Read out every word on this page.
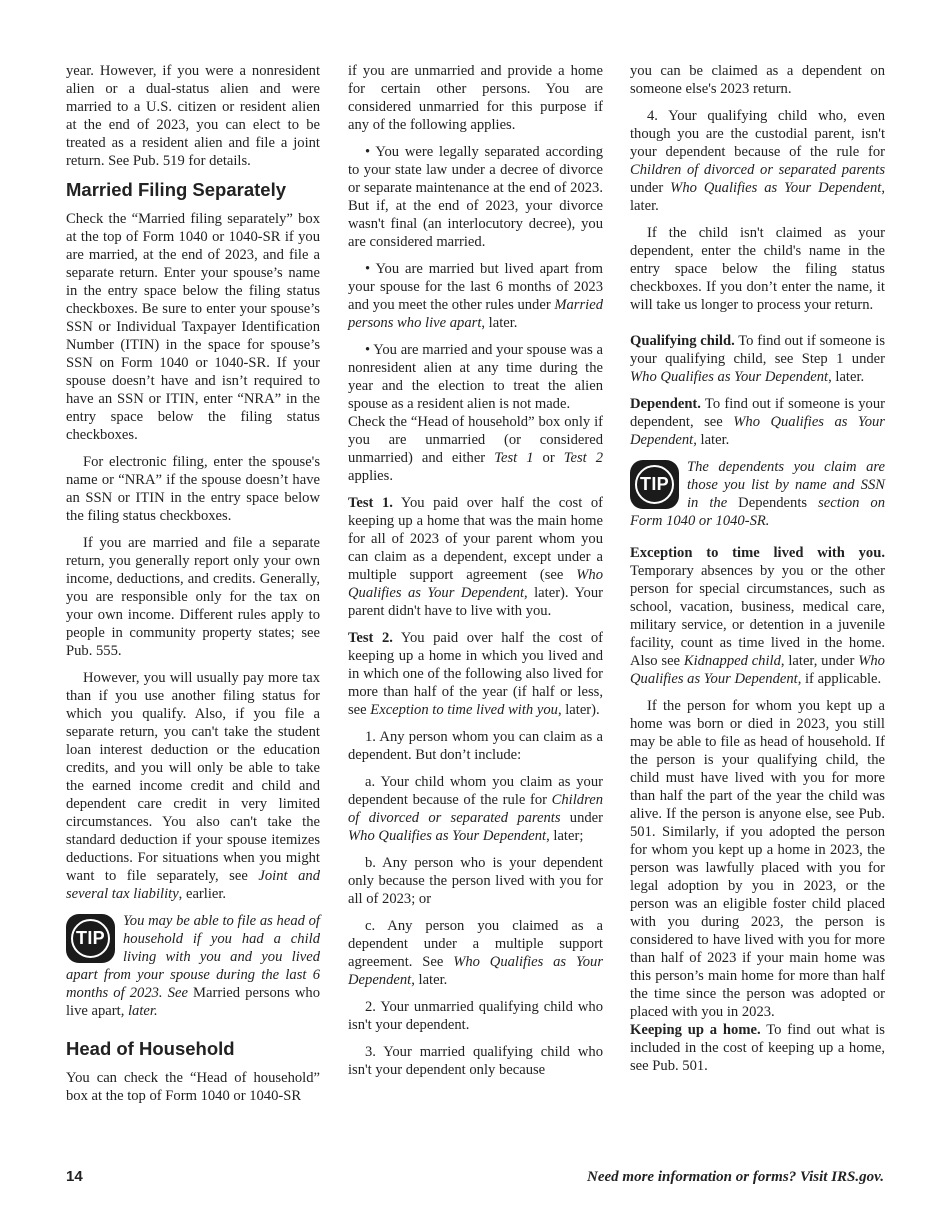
year. However, if you were a nonresident alien or a dual-status alien and were married to a U.S. citizen or resident alien at the end of 2023, you can elect to be treated as a resident alien and file a joint return. See Pub. 519 for details.

Married Filing Separately

Check the “Married filing separately” box at the top of Form 1040 or 1040-SR if you are married, at the end of 2023, and file a separate return. Enter your spouse’s name in the entry space below the filing status checkboxes. Be sure to enter your spouse’s SSN or Individual Taxpayer Identification Number (ITIN) in the space for spouse’s SSN on Form 1040 or 1040-SR. If your spouse doesn’t have and isn’t required to have an SSN or ITIN, enter “NRA” in the entry space below the filing status checkboxes.

For electronic filing, enter the spouse's name or “NRA” if the spouse doesn’t have an SSN or ITIN in the entry space below the filing status checkboxes.

If you are married and file a separate return, you generally report only your own income, deductions, and credits. Generally, you are responsible only for the tax on your own income. Different rules apply to people in community property states; see Pub. 555.

However, you will usually pay more tax than if you use another filing status for which you qualify. Also, if you file a separate return, you can't take the student loan interest deduction or the education credits, and you will only be able to take the earned income credit and child and dependent care credit in very limited circumstances. You also can't take the standard deduction if your spouse itemizes deductions. For situations when you might want to file separately, see Joint and several tax liability, earlier.

TIP
You may be able to file as head of household if you had a child living with you and you lived apart from your spouse during the last 6 months of 2023. See Married persons who live apart, later.
Head of Household

You can check the “Head of household” box at the top of Form 1040 or 1040-SR

if you are unmarried and provide a home for certain other persons. You are considered unmarried for this purpose if any of the following applies.

• You were legally separated according to your state law under a decree of divorce or separate maintenance at the end of 2023. But if, at the end of 2023, your divorce wasn't final (an interlocutory decree), you are considered married.

• You are married but lived apart from your spouse for the last 6 months of 2023 and you meet the other rules under Married persons who live apart, later.

• You are married and your spouse was a nonresident alien at any time during the year and the election to treat the alien spouse as a resident alien is not made.

Check the “Head of household” box only if you are unmarried (or considered unmarried) and either Test 1 or Test 2 applies.

Test 1. You paid over half the cost of keeping up a home that was the main home for all of 2023 of your parent whom you can claim as a dependent, except under a multiple support agreement (see Who Qualifies as Your Dependent, later). Your parent didn't have to live with you.

Test 2. You paid over half the cost of keeping up a home in which you lived and in which one of the following also lived for more than half of the year (if half or less, see Exception to time lived with you, later).

1. Any person whom you can claim as a dependent. But don’t include:

a. Your child whom you claim as your dependent because of the rule for Children of divorced or separated parents under Who Qualifies as Your Dependent, later;

b. Any person who is your dependent only because the person lived with you for all of 2023; or

c. Any person you claimed as a dependent under a multiple support agreement. See Who Qualifies as Your Dependent, later.

2. Your unmarried qualifying child who isn't your dependent.

3. Your married qualifying child who isn't your dependent only because

you can be claimed as a dependent on someone else's 2023 return.

4. Your qualifying child who, even though you are the custodial parent, isn't your dependent because of the rule for Children of divorced or separated parents under Who Qualifies as Your Dependent, later.

If the child isn't claimed as your dependent, enter the child's name in the entry space below the filing status checkboxes. If you don’t enter the name, it will take us longer to process your return.

Qualifying child. To find out if someone is your qualifying child, see Step 1 under Who Qualifies as Your Dependent, later.

Dependent. To find out if someone is your dependent, see Who Qualifies as Your Dependent, later.

TIP
The dependents you claim are those you list by name and SSN in the Dependents section on Form 1040 or 1040-SR.

Exception to time lived with you. Temporary absences by you or the other person for special circumstances, such as school, vacation, business, medical care, military service, or detention in a juvenile facility, count as time lived in the home. Also see Kidnapped child, later, under Who Qualifies as Your Dependent, if applicable.

If the person for whom you kept up a home was born or died in 2023, you still may be able to file as head of household. If the person is your qualifying child, the child must have lived with you for more than half the part of the year the child was alive. If the person is anyone else, see Pub. 501. Similarly, if you adopted the person for whom you kept up a home in 2023, the person was lawfully placed with you for legal adoption by you in 2023, or the person was an eligible foster child placed with you during 2023, the person is considered to have lived with you for more than half of 2023 if your main home was this person’s main home for more than half the time since the person was adopted or placed with you in 2023.

Keeping up a home. To find out what is included in the cost of keeping up a home, see Pub. 501.

14	Need more information or forms? Visit IRS.gov.
